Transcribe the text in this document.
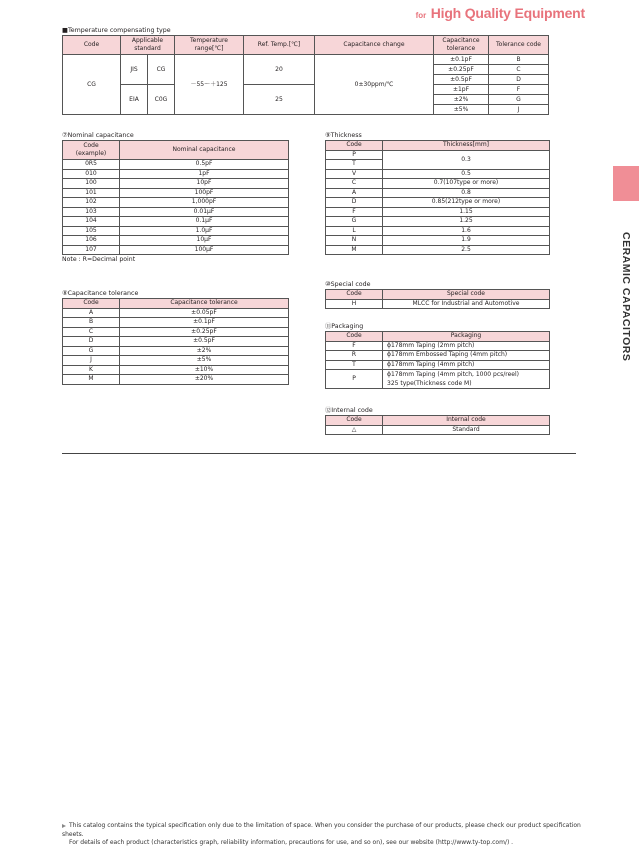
for High Quality Equipment
CERAMIC CAPACITORS
■Temperature compensating type
Code	Applicable standard		Temperature range[℃]	Ref. Temp.[℃]	Capacitance change	Capacitance tolerance	Tolerance code
CG	JIS	CG	－55～＋125	20	0±30ppm/℃	±0.1pF	B
						±0.25pF	C
						±0.5pF	D
	EIA	C0G		25		±1pF	F
						±2%	G
						±5%	J
⑦Nominal capacitance
Code
(example)	Nominal capacitance
0R5	0.5pF
010	1pF
100	10pF
101	100pF
102	1,000pF
103	0.01μF
104	0.1μF
105	1.0μF
106	10μF
107	100μF
Note : R=Decimal point
⑧Capacitance tolerance
Code	Capacitance tolerance
A	±0.05pF
B	±0.1pF
C	±0.25pF
D	±0.5pF
G	±2%
J	±5%
K	±10%
M	±20%
⑨Thickness
Code	Thickness[mm]
P	0.3
T	
V	0.5
C	0.7(107type or more)
A	0.8
D	0.85(212type or more)
F	1.15
G	1.25
L	1.6
N	1.9
M	2.5
⑩Special code
Code	Special code
H	MLCC for Industrial and Automotive
⑪Packaging
Code	Packaging
F	ϕ178mm Taping (2mm pitch)
R	ϕ178mm Embossed Taping (4mm pitch)
T	ϕ178mm Taping (4mm pitch)
P	ϕ178mm Taping (4mm pitch, 1000 pcs/reel)
325 type(Thickness code M)
⑫Internal code
Code	Internal code
△	Standard
This catalog contains the typical specification only due to the limitation of space. When you consider the purchase of our products, please check our product specification sheets.
For details of each product (characteristics graph, reliability information, precautions for use, and so on), see our website (http://www.ty-top.com/) .
